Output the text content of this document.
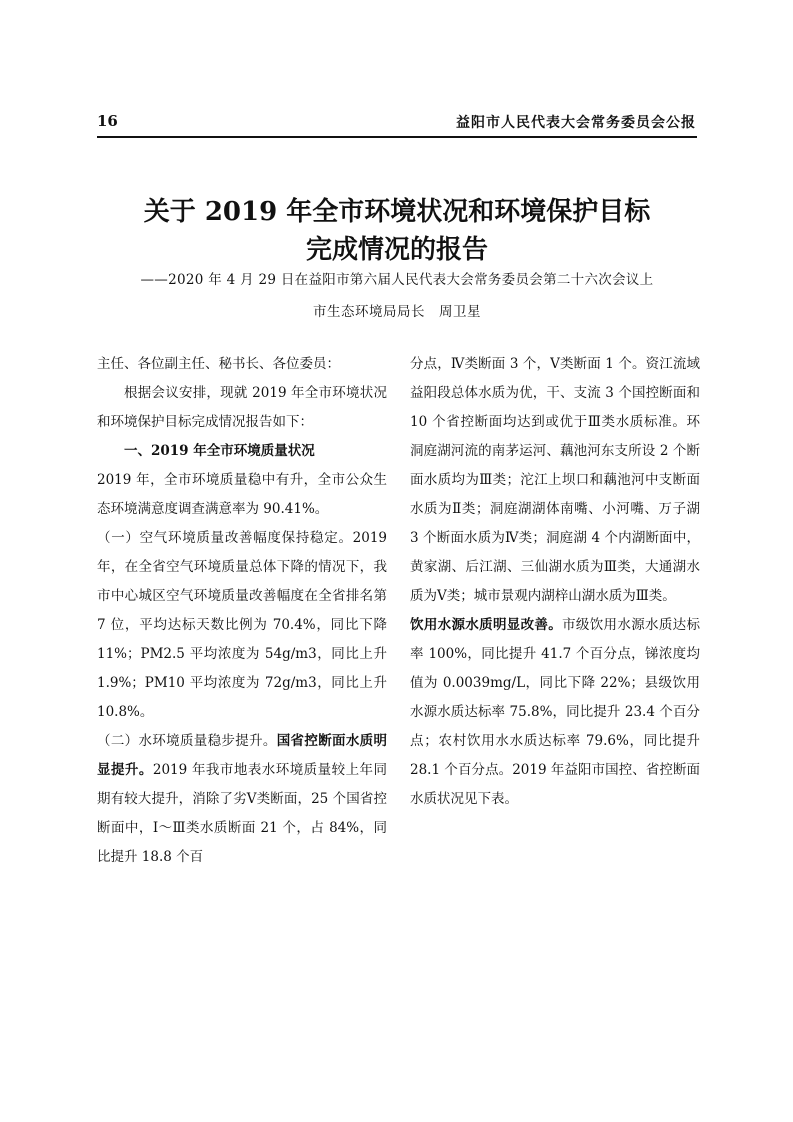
16	益阳市人民代表大会常务委员会公报
关于 2019 年全市环境状况和环境保护目标
完成情况的报告
——2020 年 4 月 29 日在益阳市第六届人民代表大会常务委员会第二十六次会议上
市生态环境局局长　周卫星

主任、各位副主任、秘书长、各位委员：

根据会议安排，现就 2019 年全市环境状况和环境保护目标完成情况报告如下：

一、2019 年全市环境质量状况

2019 年，全市环境质量稳中有升，全市公众生态环境满意度调查满意率为 90.41%。

（一）空气环境质量改善幅度保持稳定。2019 年，在全省空气环境质量总体下降的情况下，我市中心城区空气环境质量改善幅度在全省排名第 7 位，平均达标天数比例为 70.4%，同比下降 11%；PM2.5 平均浓度为 54g/m3，同比上升 1.9%；PM10 平均浓度为 72g/m3，同比上升 10.8%。

（二）水环境质量稳步提升。国省控断面水质明显提升。2019 年我市地表水环境质量较上年同期有较大提升，消除了劣Ⅴ类断面，25 个国省控断面中，Ⅰ～Ⅲ类水质断面 21 个，占 84%，同比提升 18.8 个百

分点，Ⅳ类断面 3 个，Ⅴ类断面 1 个。资江流域益阳段总体水质为优，干、支流 3 个国控断面和 10 个省控断面均达到或优于Ⅲ类水质标准。环洞庭湖河流的南茅运河、藕池河东支所设 2 个断面水质均为Ⅲ类；沱江上坝口和藕池河中支断面水质为Ⅱ类；洞庭湖湖体南嘴、小河嘴、万子湖 3 个断面水质为Ⅳ类；洞庭湖 4 个内湖断面中，黄家湖、后江湖、三仙湖水质为Ⅲ类，大通湖水质为Ⅴ类；城市景观内湖梓山湖水质为Ⅲ类。

饮用水源水质明显改善。市级饮用水源水质达标率 100%，同比提升 41.7 个百分点，锑浓度均值为 0.0039mg/L，同比下降 22%；县级饮用水源水质达标率 75.8%，同比提升 23.4 个百分点；农村饮用水水质达标率 79.6%，同比提升 28.1 个百分点。2019 年益阳市国控、省控断面水质状况见下表。
